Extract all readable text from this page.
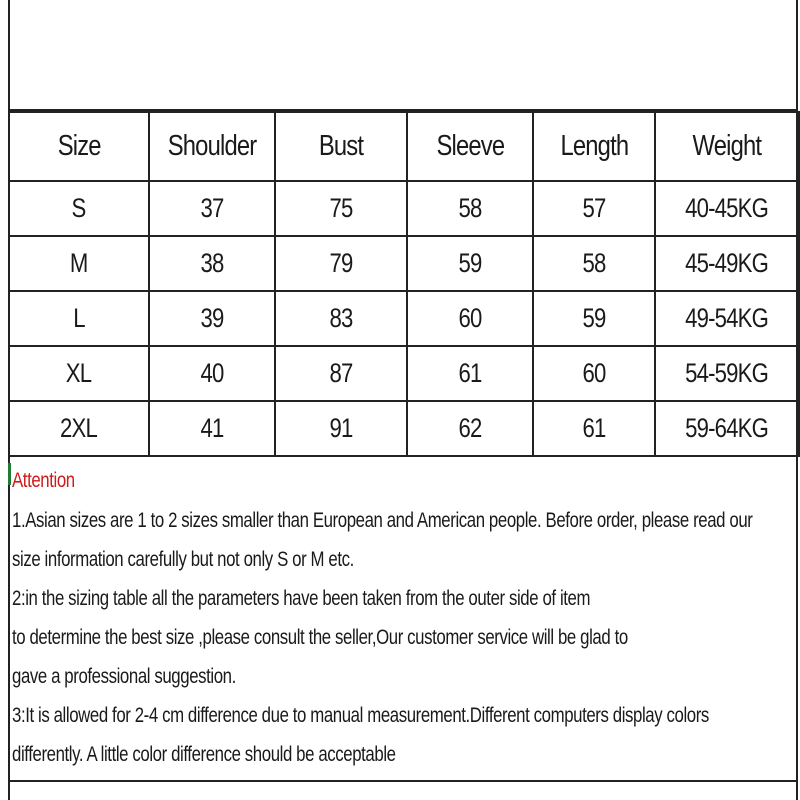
Size	Shoulder	Bust	Sleeve	Length	Weight
S	37	75	58	57	40-45KG
M	38	79	59	58	45-49KG
L	39	83	60	59	49-54KG
XL	40	87	61	60	54-59KG
2XL	41	91	62	61	59-64KG
Attention
1.Asian sizes are 1 to 2 sizes smaller than European and American people. Before order, please read our
size information carefully but not only S or M etc.
2:in the sizing table all the parameters have been taken from the outer side of item
to determine the best size ,please consult the seller,Our customer service will be glad to
gave a professional suggestion.
3:It is allowed for 2-4 cm difference due to manual measurement.Different computers display colors
differently. A little color difference should be acceptable
